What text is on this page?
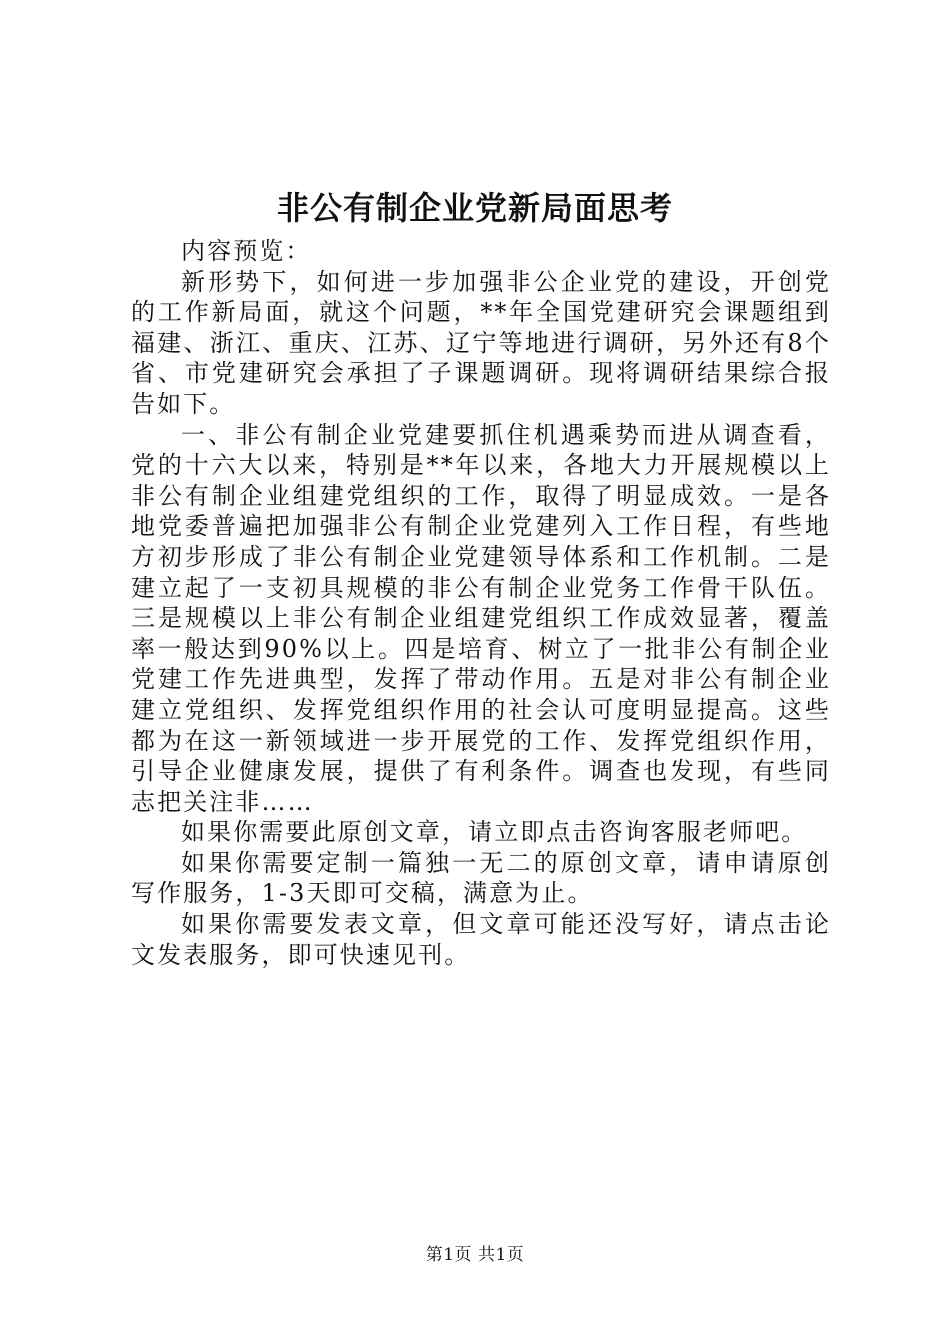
非公有制企业党新局面思考

内容预览：

新形势下，如何进一步加强非公企业党的建设，开创党的工作新局面，就这个问题，**年全国党建研究会课题组到福建、浙江、重庆、江苏、辽宁等地进行调研，另外还有8个省、市党建研究会承担了子课题调研。现将调研结果综合报告如下。

一、非公有制企业党建要抓住机遇乘势而进从调查看，党的十六大以来，特别是**年以来，各地大力开展规模以上非公有制企业组建党组织的工作，取得了明显成效。一是各地党委普遍把加强非公有制企业党建列入工作日程，有些地方初步形成了非公有制企业党建领导体系和工作机制。二是建立起了一支初具规模的非公有制企业党务工作骨干队伍。三是规模以上非公有制企业组建党组织工作成效显著，覆盖率一般达到90%以上。四是培育、树立了一批非公有制企业党建工作先进典型，发挥了带动作用。五是对非公有制企业建立党组织、发挥党组织作用的社会认可度明显提高。这些都为在这一新领域进一步开展党的工作、发挥党组织作用，引导企业健康发展，提供了有利条件。调查也发现，有些同志把关注非……

如果你需要此原创文章，请立即点击咨询客服老师吧。

如果你需要定制一篇独一无二的原创文章，请申请原创写作服务，1-3天即可交稿，满意为止。

如果你需要发表文章，但文章可能还没写好，请点击论文发表服务，即可快速见刊。

第1页 共1页
